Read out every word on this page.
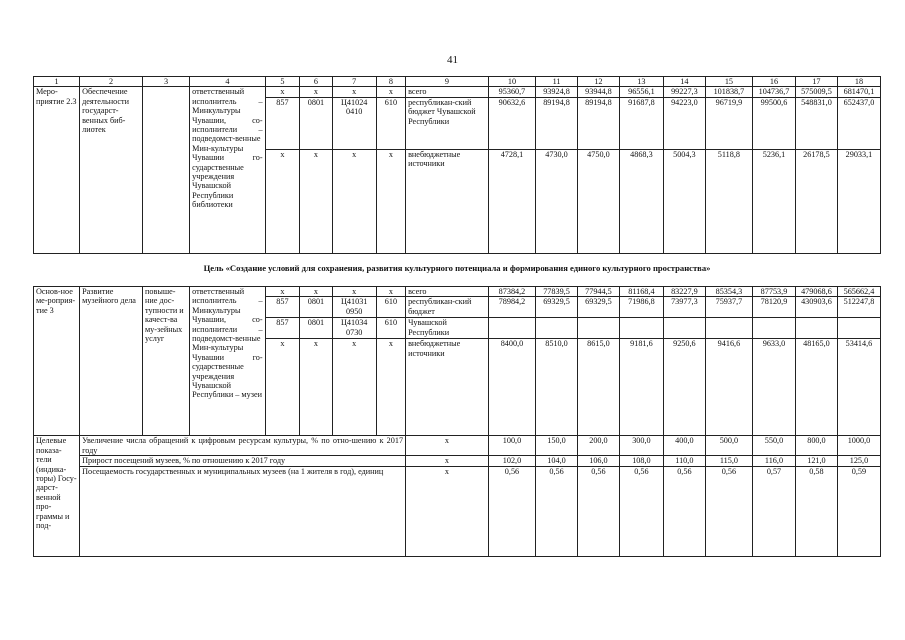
41
1	2	3	4	5	6	7	8	9	10	11	12	13	14	15	16	17	18
Меро-приятие 2.3	Обеспечение деятельности государст-венных биб-лиотек		ответственный исполнитель – Минкультуры Чувашии, со-исполнители – подведомст-венные Мин-культуры Чувашии го-сударственные учреждения Чувашской Республики библиотеки	x	x	x	x	всего	95360,7	93924,8	93944,8	96556,1	99227,3	101838,7	104736,7	575009,5	681470,1
				857	0801	Ц41024 0410	610	республикан-ский бюджет Чувашской Республики	90632,6	89194,8	89194,8	91687,8	94223,0	96719,9	99500,6	548831,0	652437,0
				x	x	x	x	внебюджетные источники	4728,1	4730,0	4750,0	4868,3	5004,3	5118,8	5236,1	26178,5	29033,1
Цель «Создание условий для сохранения, развития культурного потенциала и формирования единого культурного пространства»
Основ-ное ме-роприя-тие 3	Развитие музейного дела	повыше-ние дос-тупности и качест-ва му-зейных услуг	ответственный исполнитель – Минкультуры Чувашии, со-исполнители – подведомст-венные Мин-культуры Чувашии го-сударственные учреждения Чувашской Республики – музеи	x	x	x	x	всего	87384,2	77839,5	77944,5	81168,4	83227,9	85354,3	87753,9	479068,6	565662,4
				857	0801	Ц41031 0950	610	республикан-ский бюджет	78984,2	69329,5	69329,5	71986,8	73977,3	75937,7	78120,9	430903,6	512247,8
				857	0801	Ц41034 0730	610	Чувашской Республики									
				x	x	x	x	внебюджетные источники	8400,0	8510,0	8615,0	9181,6	9250,6	9416,6	9633,0	48165,0	53414,6
Целевые показа-тели (индика-торы) Госу-дарст-венной про-граммы и под-	Увеличение числа обращений к цифровым ресурсам культуры, % по отно-шению к 2017 году							x	100,0	150,0	200,0	300,0	400,0	500,0	550,0	800,0	1000,0
	Прирост посещений музеев, % по отношению к 2017 году							x	102,0	104,0	106,0	108,0	110,0	115,0	116,0	121,0	125,0
	Посещаемость государственных и муниципальных музеев (на 1 жителя в год), единиц							x	0,56	0,56	0,56	0,56	0,56	0,56	0,57	0,58	0,59
